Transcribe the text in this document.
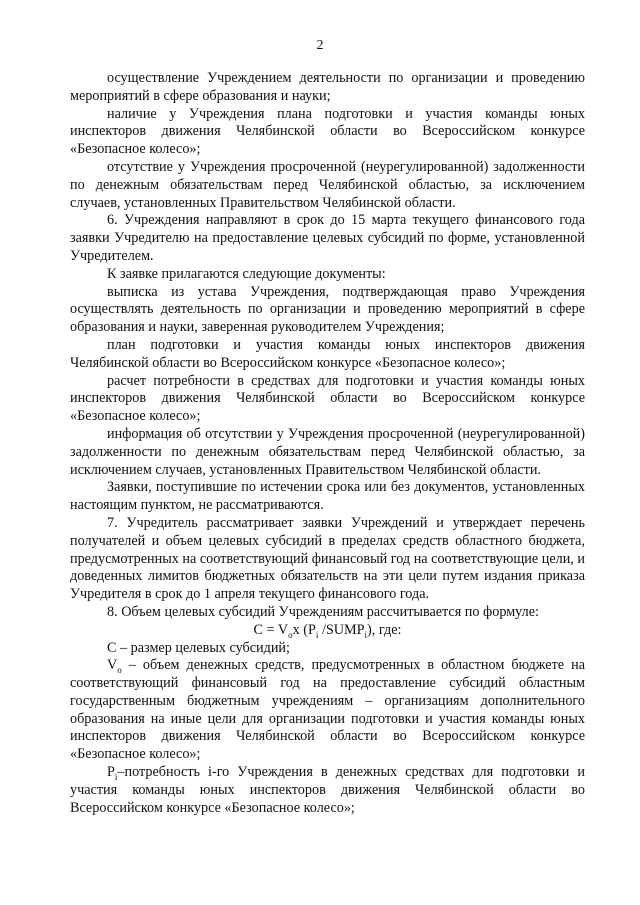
2

осуществление Учреждением деятельности по организации и проведению мероприятий в сфере образования и науки;

наличие у Учреждения плана подготовки и участия команды юных инспекторов движения Челябинской области во Всероссийском конкурсе «Безопасное колесо»;

отсутствие у Учреждения просроченной (неурегулированной) задолженности по денежным обязательствам перед Челябинской областью, за исключением случаев, установленных Правительством Челябинской области.

6. Учреждения направляют в срок до 15 марта текущего финансового года заявки Учредителю на предоставление целевых субсидий по форме, установленной Учредителем.

К заявке прилагаются следующие документы:

выписка из устава Учреждения, подтверждающая право Учреждения осуществлять деятельность по организации и проведению мероприятий в сфере образования и науки, заверенная руководителем Учреждения;

план подготовки и участия команды юных инспекторов движения Челябинской области во Всероссийском конкурсе «Безопасное колесо»;

расчет потребности в средствах для подготовки и участия команды юных инспекторов движения Челябинской области во Всероссийском конкурсе «Безопасное колесо»;

информация об отсутствии у Учреждения просроченной (неурегулированной) задолженности по денежным обязательствам перед Челябинской областью, за исключением случаев, установленных Правительством Челябинской области.

Заявки, поступившие по истечении срока или без документов, установленных настоящим пунктом, не рассматриваются.

7. Учредитель рассматривает заявки Учреждений и утверждает перечень получателей и объем целевых субсидий в пределах средств областного бюджета, предусмотренных на соответствующий финансовый год на соответствующие цели, и доведенных лимитов бюджетных обязательств на эти цели путем издания приказа Учредителя в срок до 1 апреля текущего финансового года.

8. Объем целевых субсидий Учреждениям рассчитывается по формуле:

$C = V_ox$ ($P_i$ $/SUMP_i$), где:

С – размер целевых субсидий;

$V_o$ – объем денежных средств, предусмотренных в областном бюджете на соответствующий финансовый год на предоставление субсидий областным государственным бюджетным учреждениям – организациям дополнительного образования на иные цели для организации подготовки и участия команды юных инспекторов движения Челябинской области во Всероссийском конкурсе «Безопасное колесо»;

$P_i$–потребность i-го Учреждения в денежных средствах для подготовки и участия команды юных инспекторов движения Челябинской области во Всероссийском конкурсе «Безопасное колесо»;
